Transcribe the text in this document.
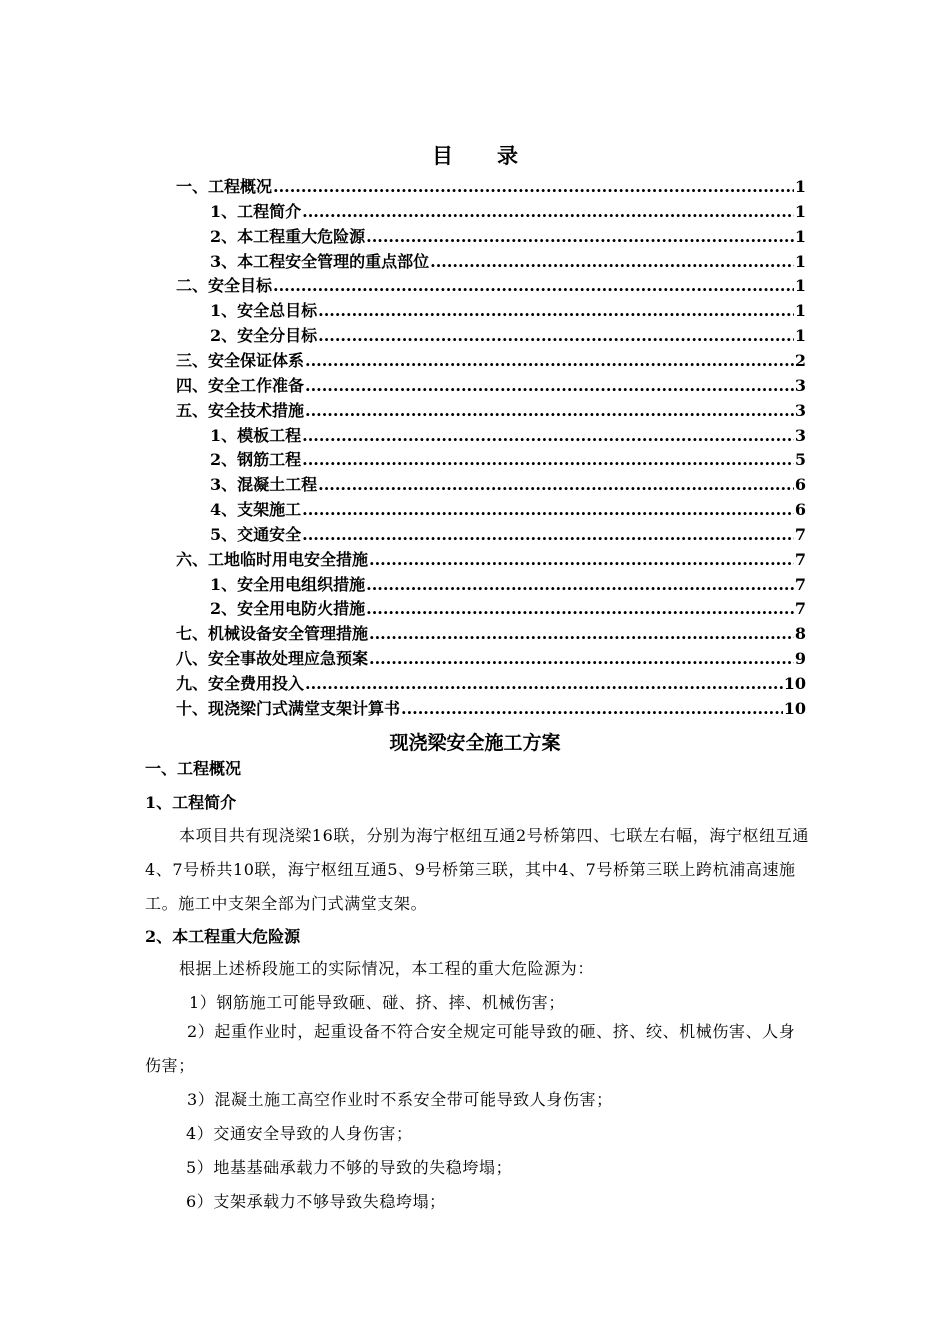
目 录
一、工程概况 .....	1
1、工程简介 .....	1
2、本工程重大危险源 .....	1
3、本工程安全管理的重点部位 .....	1
二、安全目标 .....	1
1、安全总目标 .....	1
2、安全分目标 .....	1
三、安全保证体系 .....	2
四、安全工作准备 .....	3
五、安全技术措施 .....	3
1、模板工程 .....	3
2、钢筋工程 .....	5
3、混凝土工程 .....	6
4、支架施工 .....	6
5、交通安全 .....	7
六、工地临时用电安全措施 .....	7
1、安全用电组织措施 .....	7
2、安全用电防火措施 .....	7
七、机械设备安全管理措施 .....	8
八、安全事故处理应急预案 .....	9
九、安全费用投入 .....	10
十、现浇梁门式满堂支架计算书 .....	10
现浇梁安全施工方案
一、工程概况
1、工程简介
本项目共有现浇梁16联，分别为海宁枢纽互通2号桥第四、七联左右幅，海宁枢纽互通4、7号桥共10联，海宁枢纽互通5、9号桥第三联，其中4、7号桥第三联上跨杭浦高速施工。施工中支架全部为门式满堂支架。
2、本工程重大危险源
根据上述桥段施工的实际情况，本工程的重大危险源为：
1）钢筋施工可能导致砸、碰、挤、摔、机械伤害；
2）起重作业时，起重设备不符合安全规定可能导致的砸、挤、绞、机械伤害、人身伤害；
3）混凝土施工高空作业时不系安全带可能导致人身伤害；
4）交通安全导致的人身伤害；
5）地基基础承载力不够的导致的失稳垮塌；
6）支架承载力不够导致失稳垮塌；
